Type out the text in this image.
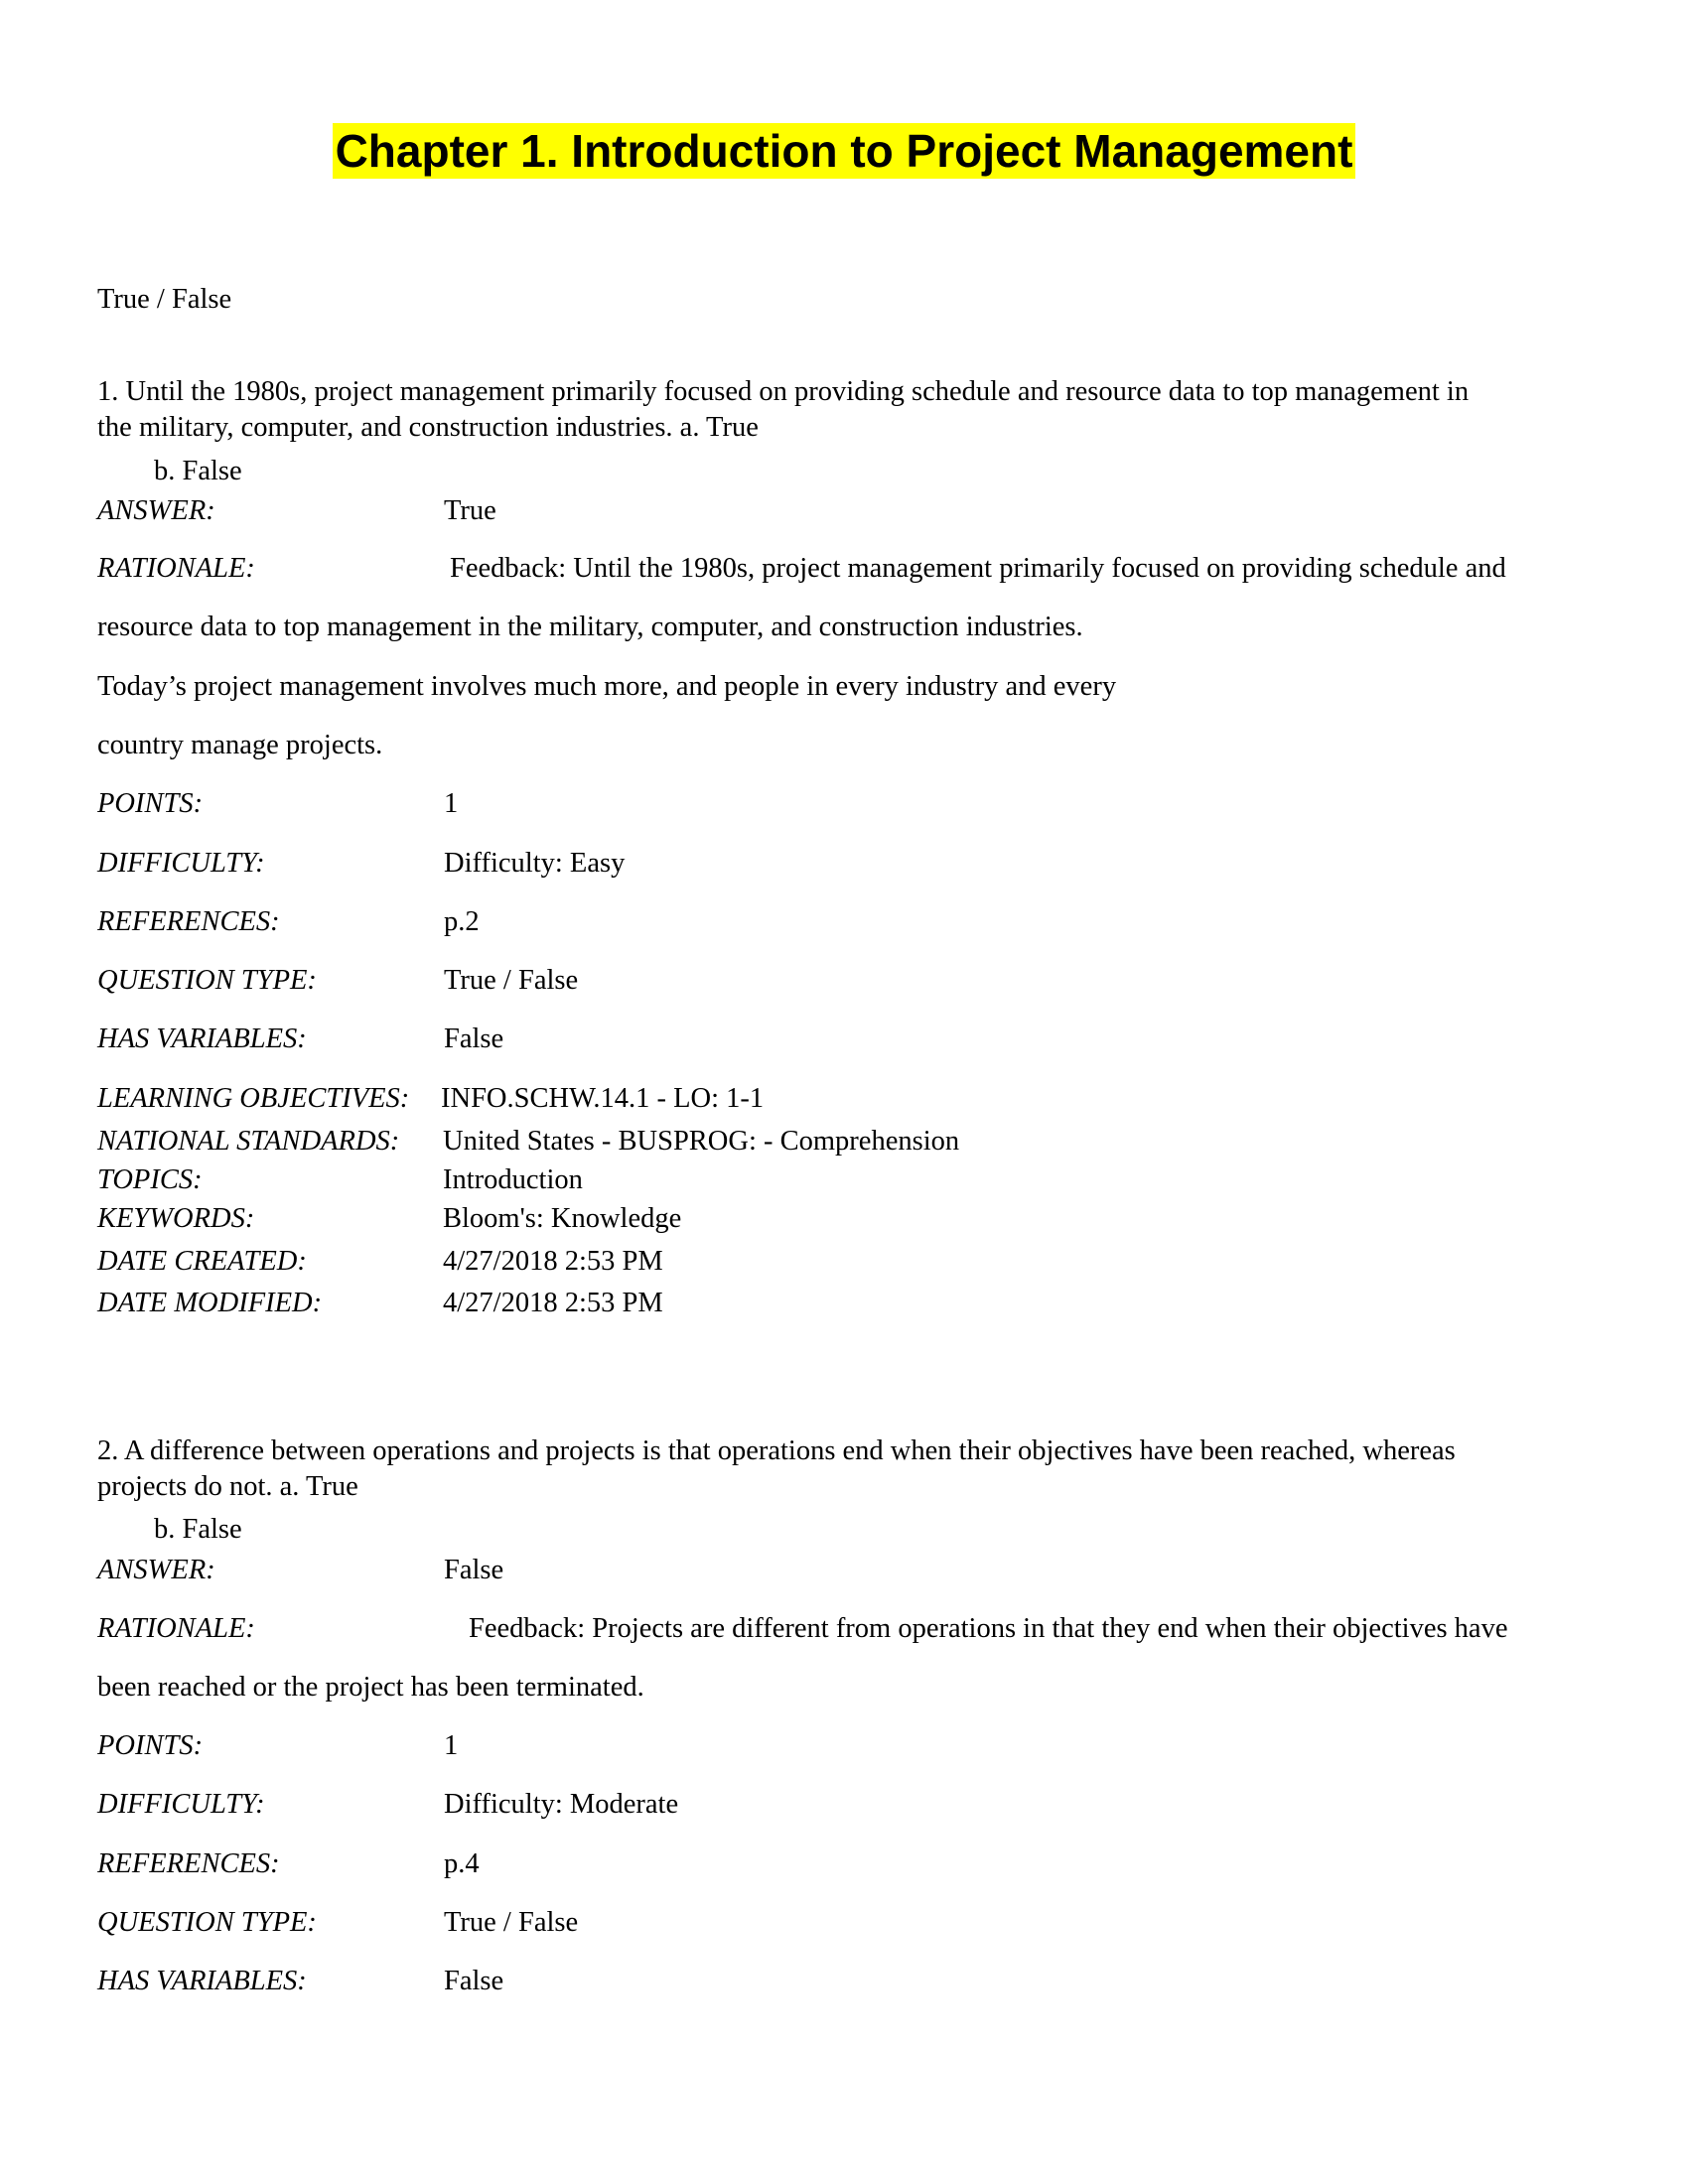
Chapter 1. Introduction to Project Management
True / False
1. Until the 1980s, project management primarily focused on providing schedule and resource data to top management in
the military, computer, and construction industries. a. True
b. False
ANSWER:	True
RATIONALE:	Feedback: Until the 1980s, project management primarily focused on providing schedule and
resource data to top management in the military, computer, and construction industries.
Today’s project management involves much more, and people in every industry and every
country manage projects.
POINTS:	1
DIFFICULTY:	Difficulty: Easy
REFERENCES:	p.2
QUESTION TYPE:	True / False
HAS VARIABLES:	False
LEARNING OBJECTIVES: INFO.SCHW.14.1 - LO: 1-1
NATIONAL STANDARDS: United States - BUSPROG: - Comprehension
TOPICS:	Introduction
KEYWORDS:	Bloom's: Knowledge
DATE CREATED:	4/27/2018 2:53 PM
DATE MODIFIED:	4/27/2018 2:53 PM
2. A difference between operations and projects is that operations end when their objectives have been reached, whereas
projects do not. a. True
b. False
ANSWER:	False
RATIONALE:	Feedback: Projects are different from operations in that they end when their objectives have
been reached or the project has been terminated.
POINTS:	1
DIFFICULTY:	Difficulty: Moderate
REFERENCES:	p.4
QUESTION TYPE:	True / False
HAS VARIABLES:	False
